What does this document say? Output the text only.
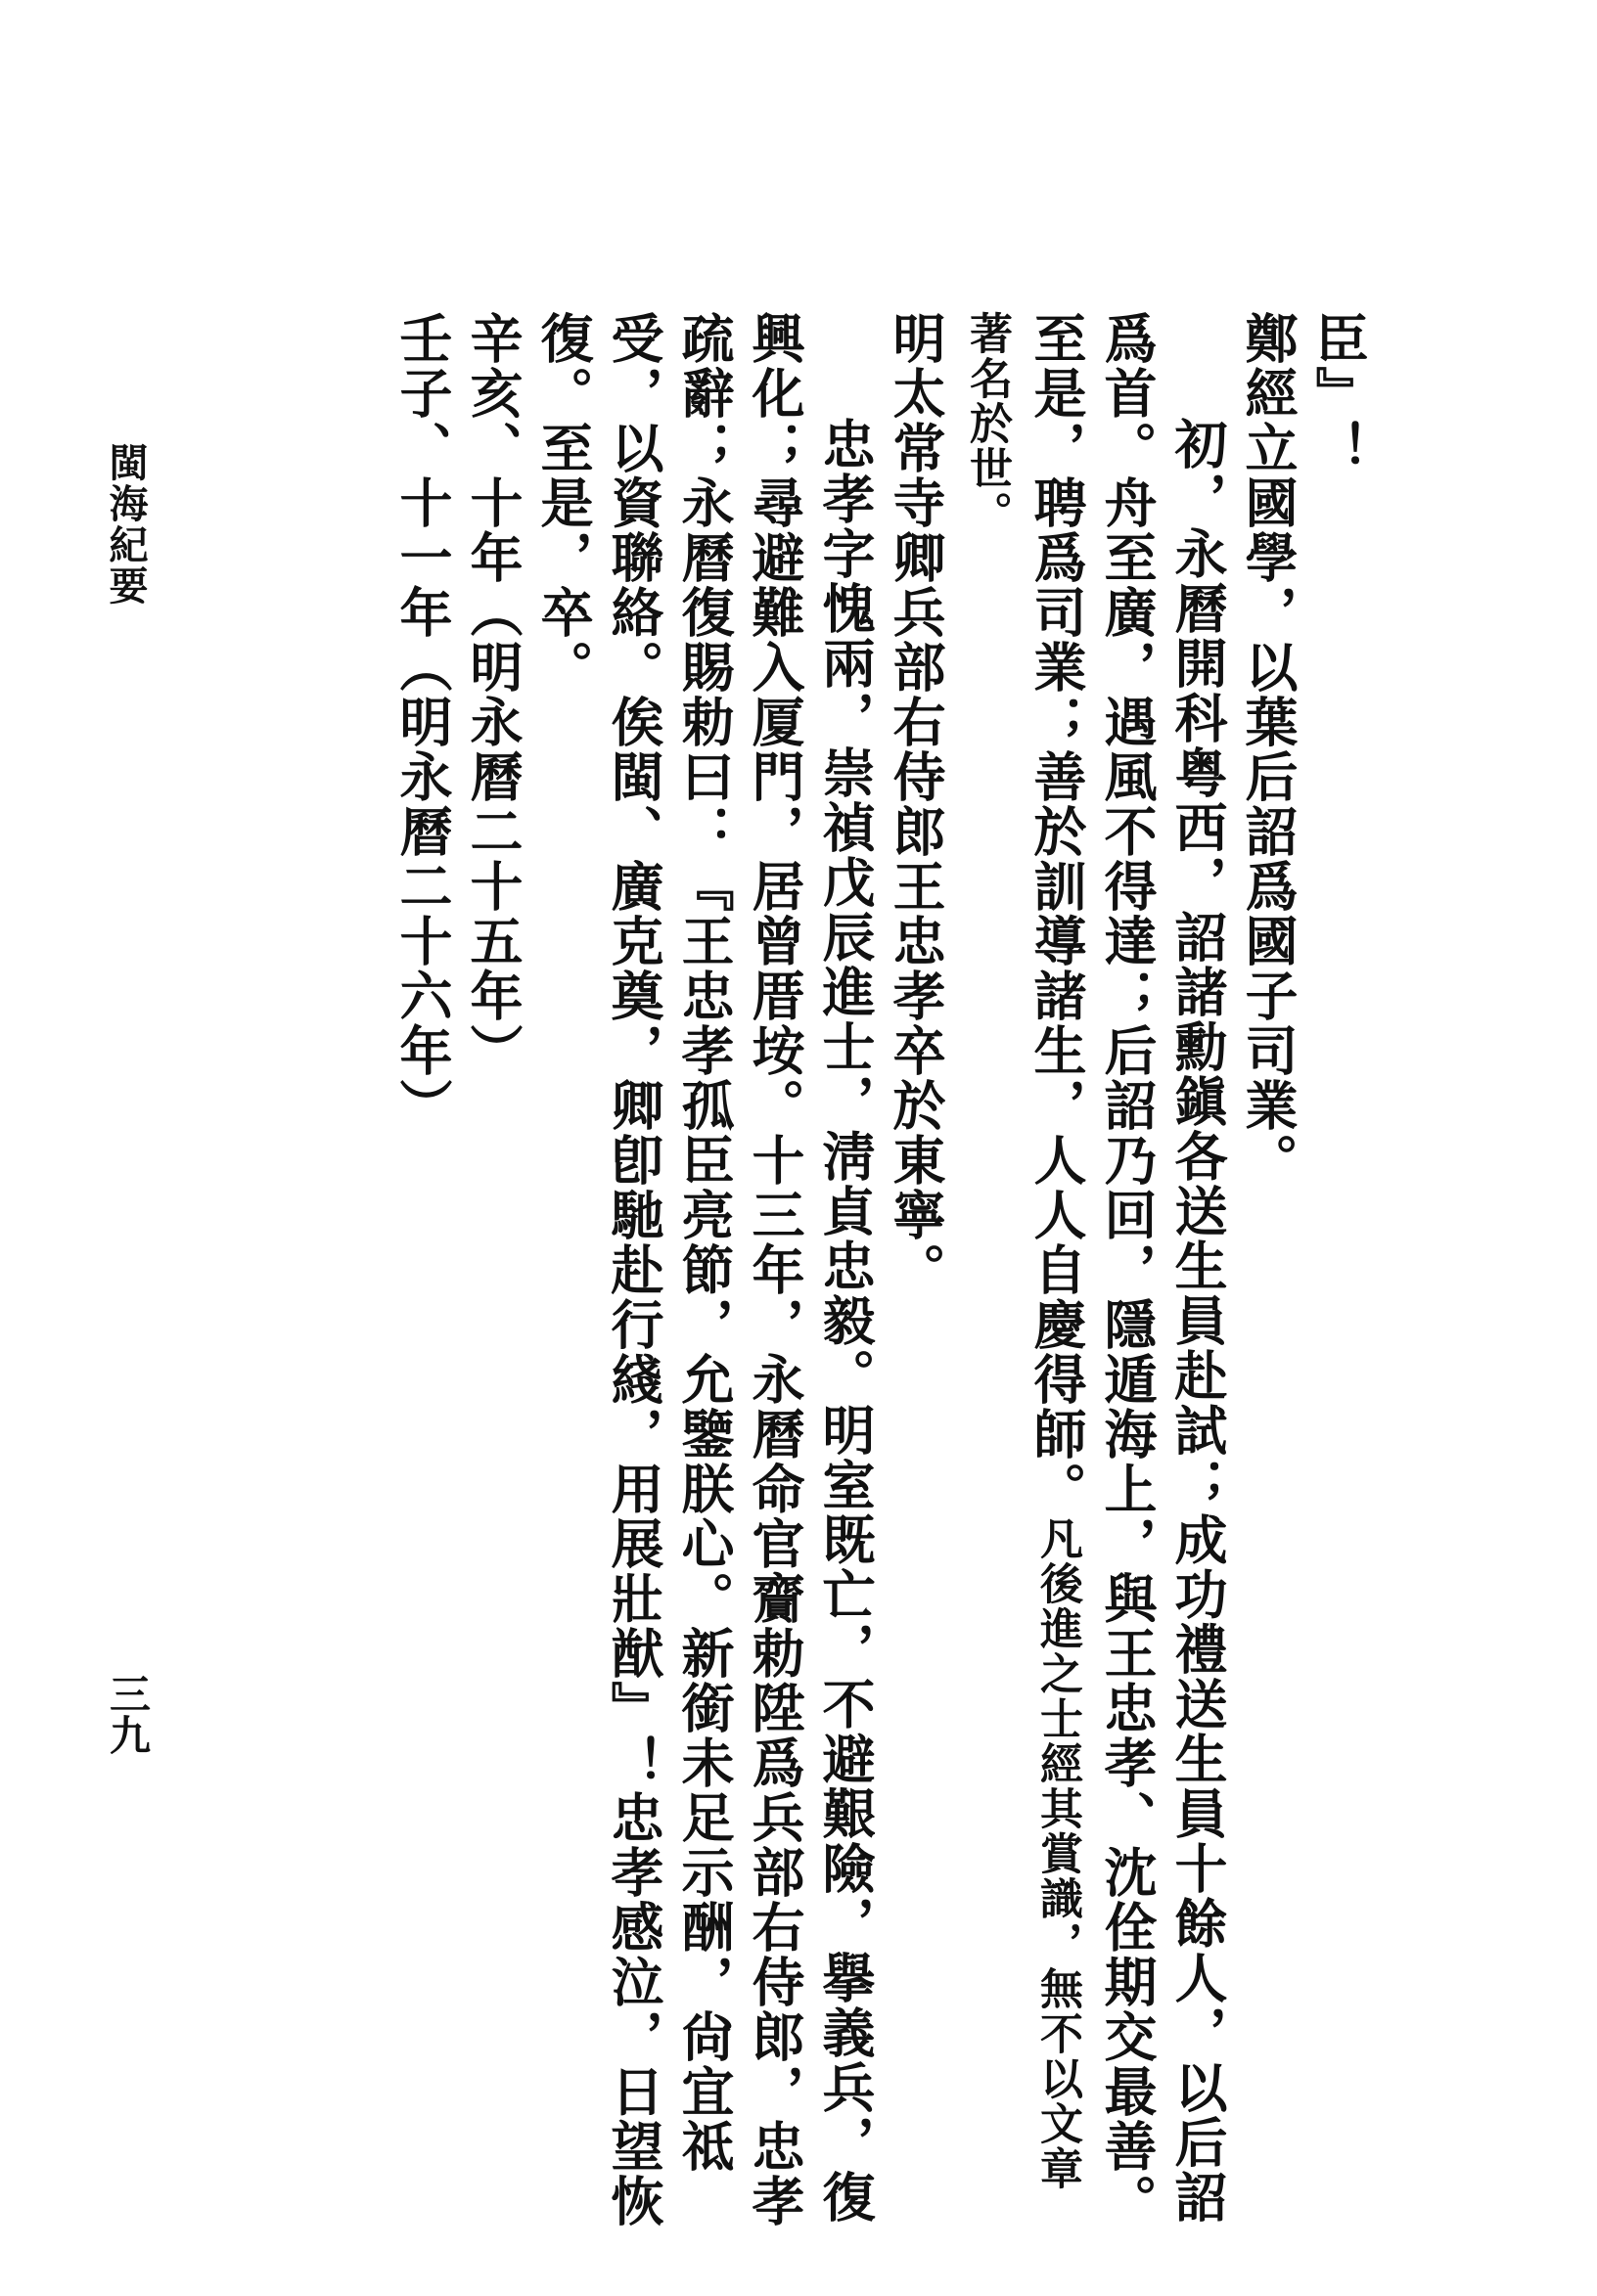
臣』！

鄭經立國學，以葉后詔爲國子司業。

初，永曆開科粤西，詔諸勳鎭各送生員赴試；成功禮送生員十餘人，以后詔爲首。舟至廣，遇風不得達；后詔乃回，隱遁海上，與王忠孝、沈佺期交最善。至是，聘爲司業；善於訓導諸生，人人自慶得師。凡後進之士經其賞識，無不以文章著名於世。

明太常寺卿兵部右侍郎王忠孝卒於東寧。

忠孝字愧兩，崇禎戊辰進士，淸貞忠毅。明室既亡，不避艱險，擧義兵，復興化；尋避難入厦門，居曾厝垵。十三年，永曆命官齎勅陞爲兵部右侍郎，忠孝疏辭；永曆復賜勅曰：『王忠孝孤臣亮節，允鑒朕心。新銜未足示酬，尙宜祗受，以資聯絡。俟閩、廣克奠，卿卽馳赴行綫，用展壯猷』！忠孝感泣，日望恢復。至是，卒。

辛亥、十年（明永曆二十五年）

壬子、十一年（明永曆二十六年）

閩海紀要
三九
